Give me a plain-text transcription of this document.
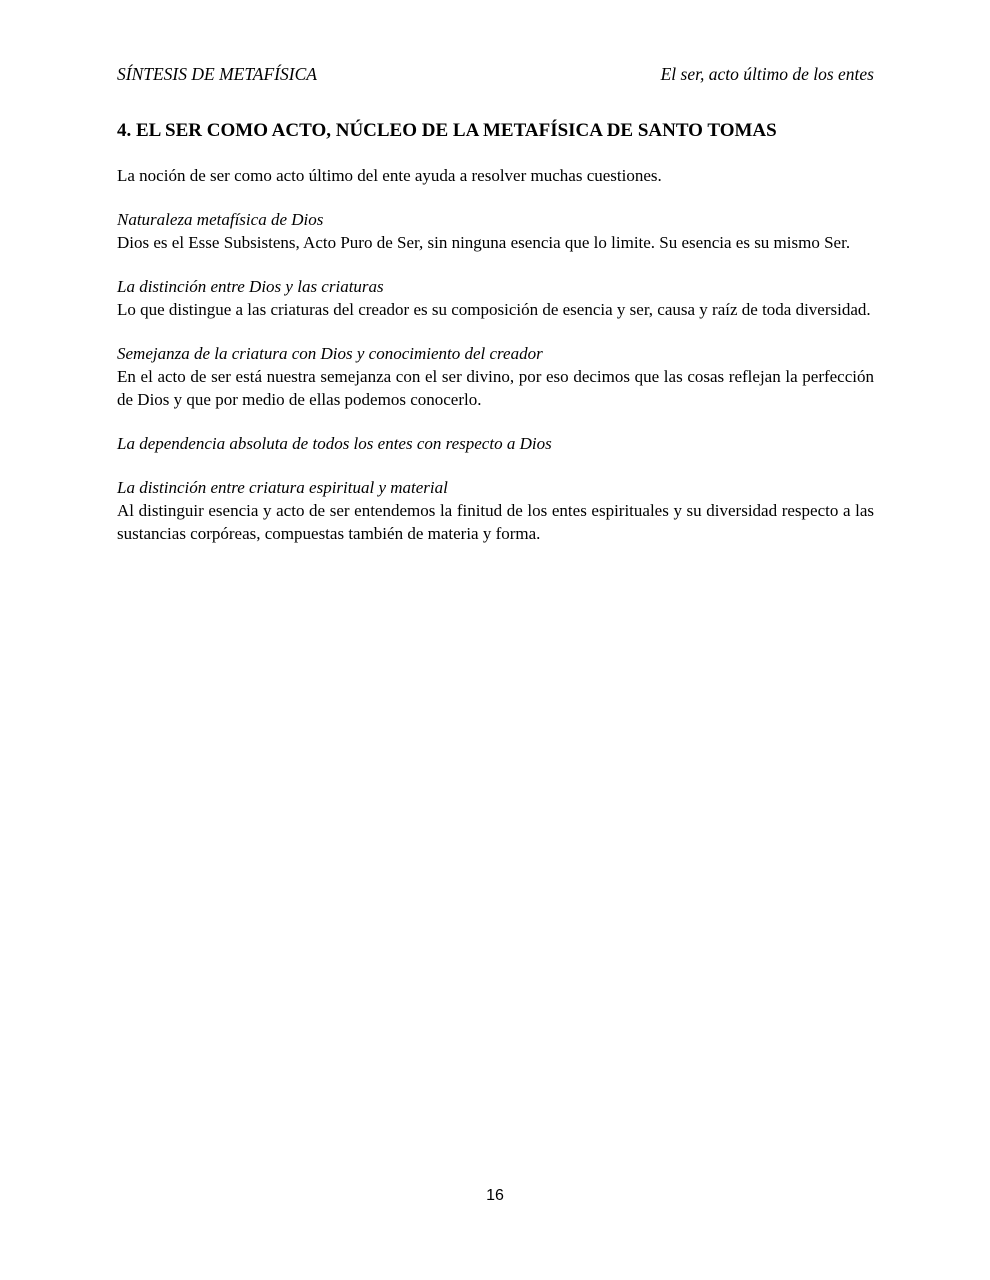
SÍNTESIS DE METAFÍSICA	El ser, acto último de los entes
4. EL SER COMO ACTO, NÚCLEO DE LA METAFÍSICA DE SANTO TOMAS

La noción de ser como acto último del ente ayuda a resolver muchas cuestiones.

Naturaleza metafísica de Dios

Dios es el Esse Subsistens, Acto Puro de Ser, sin ninguna esencia que lo limite. Su esencia es su mismo Ser.

La distinción entre Dios y las criaturas

Lo que distingue a las criaturas del creador es su composición de esencia y ser, causa y raíz de toda diversidad.

Semejanza de la criatura con Dios y conocimiento del creador

En el acto de ser está nuestra semejanza con el ser divino, por eso decimos que las cosas reflejan la perfección de Dios y que por medio de ellas podemos conocerlo.

La dependencia absoluta de todos los entes con respecto a Dios

La distinción entre criatura espiritual y material

Al distinguir esencia y acto de ser entendemos la finitud de los entes espirituales y su diversidad respecto a las sustancias corpóreas, compuestas también de materia y forma.

16
